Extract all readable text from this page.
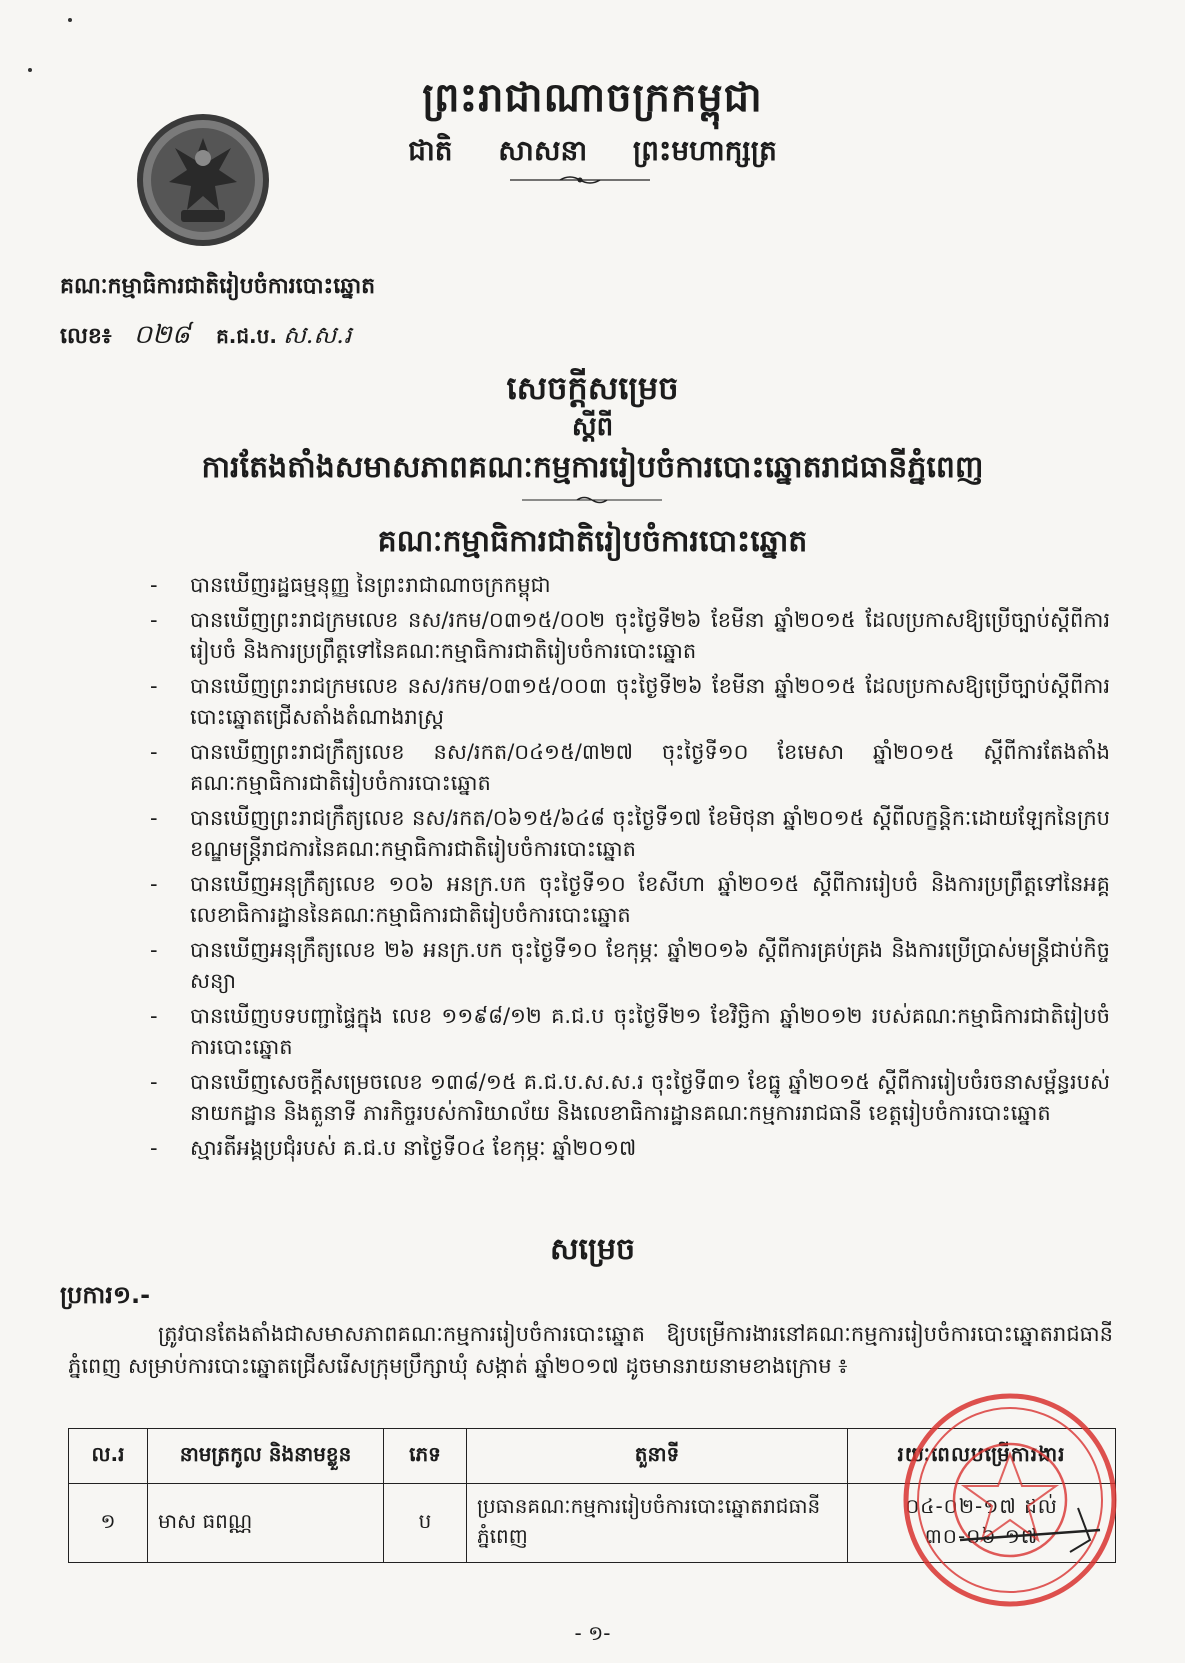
ព្រះរាជាណាចក្រកម្ពុជា
ជាតិ សាសនា ព្រះមហាក្សត្រ
គណៈកម្មាធិការជាតិរៀបចំការបោះឆ្នោត
លេខ៖ ០២៨ គ.ជ.ប. ស.ស.រ
សេចក្តីសម្រេច
ស្តីពី
ការតែងតាំងសមាសភាពគណៈកម្មការរៀបចំការបោះឆ្នោតរាជធានីភ្នំពេញ
គណៈកម្មាធិការជាតិរៀបចំការបោះឆ្នោត
- បានឃើញរដ្ឋធម្មនុញ្ញ នៃព្រះរាជាណាចក្រកម្ពុជា
- បានឃើញព្រះរាជក្រមលេខ នស/រកម/០៣១៥/០០២ ចុះថ្ងៃទី២៦ ខែមីនា ឆ្នាំ២០១៥ ដែលប្រកាសឱ្យប្រើច្បាប់ស្តីពីការរៀបចំ និងការប្រព្រឹត្តទៅនៃគណៈកម្មាធិការជាតិរៀបចំការបោះឆ្នោត
- បានឃើញព្រះរាជក្រមលេខ នស/រកម/០៣១៥/០០៣ ចុះថ្ងៃទី២៦ ខែមីនា ឆ្នាំ២០១៥ ដែលប្រកាសឱ្យប្រើច្បាប់ស្តីពីការបោះឆ្នោតជ្រើសតាំងតំណាងរាស្ត្រ
- បានឃើញព្រះរាជក្រឹត្យលេខ នស/រកត/០៤១៥/៣២៧ ចុះថ្ងៃទី១០ ខែមេសា ឆ្នាំ២០១៥ ស្តីពីការតែងតាំងគណៈកម្មាធិការជាតិរៀបចំការបោះឆ្នោត
- បានឃើញព្រះរាជក្រឹត្យលេខ នស/រកត/០៦១៥/៦៤៨ ចុះថ្ងៃទី១៧ ខែមិថុនា ឆ្នាំ២០១៥ ស្តីពីលក្ខន្តិកៈដោយឡែកនៃក្របខណ្ឌមន្ត្រីរាជការនៃគណៈកម្មាធិការជាតិរៀបចំការបោះឆ្នោត
- បានឃើញអនុក្រឹត្យលេខ ១០៦ អនក្រ.បក ចុះថ្ងៃទី១០ ខែសីហា ឆ្នាំ២០១៥ ស្តីពីការរៀបចំ និងការប្រព្រឹត្តទៅនៃអគ្គលេខាធិការដ្ឋាននៃគណៈកម្មាធិការជាតិរៀបចំការបោះឆ្នោត
- បានឃើញអនុក្រឹត្យលេខ ២៦ អនក្រ.បក ចុះថ្ងៃទី១០ ខែកុម្ភៈ ឆ្នាំ២០១៦ ស្តីពីការគ្រប់គ្រង និងការប្រើប្រាស់មន្ត្រីជាប់កិច្ចសន្យា
- បានឃើញបទបញ្ជាផ្ទៃក្នុង លេខ ១១៩៨/១២ គ.ជ.ប ចុះថ្ងៃទី២១ ខែវិច្ឆិកា ឆ្នាំ២០១២ របស់គណៈកម្មាធិការជាតិរៀបចំការបោះឆ្នោត
- បានឃើញសេចក្តីសម្រេចលេខ ១៣៨/១៥ គ.ជ.ប.ស.ស.រ ចុះថ្ងៃទី៣១ ខែធ្នូ ឆ្នាំ២០១៥ ស្តីពីការរៀបចំរចនាសម្ព័ន្ធរបស់នាយកដ្ឋាន និងតួនាទី ភារកិច្ចរបស់ការិយាល័យ និងលេខាធិការដ្ឋានគណៈកម្មការរាជធានី ខេត្តរៀបចំការបោះឆ្នោត
- ស្មារតីអង្គប្រជុំរបស់ គ.ជ.ប នាថ្ងៃទី០៤ ខែកុម្ភៈ ឆ្នាំ២០១៧
សម្រេច
ប្រការ១.-
ត្រូវបានតែងតាំងជាសមាសភាពគណៈកម្មការរៀបចំការបោះឆ្នោត ឱ្យបម្រើការងារនៅគណៈកម្មការរៀបចំការបោះឆ្នោតរាជធានីភ្នំពេញ សម្រាប់ការបោះឆ្នោតជ្រើសរើសក្រុមប្រឹក្សាឃុំ សង្កាត់ ឆ្នាំ២០១៧ ដូចមានរាយនាមខាងក្រោម ៖
ល.រ	នាមត្រកូល និងនាមខ្លួន	ភេទ	តួនាទី	រយៈពេលបម្រើការងារ
១	មាស ធពណ្ណ	ប	ប្រធានគណៈកម្មការរៀបចំការបោះឆ្នោតរាជធានីភ្នំពេញ	០៤-០២-១៧ ដល់ ៣០-០៦-១៧
- ១-
